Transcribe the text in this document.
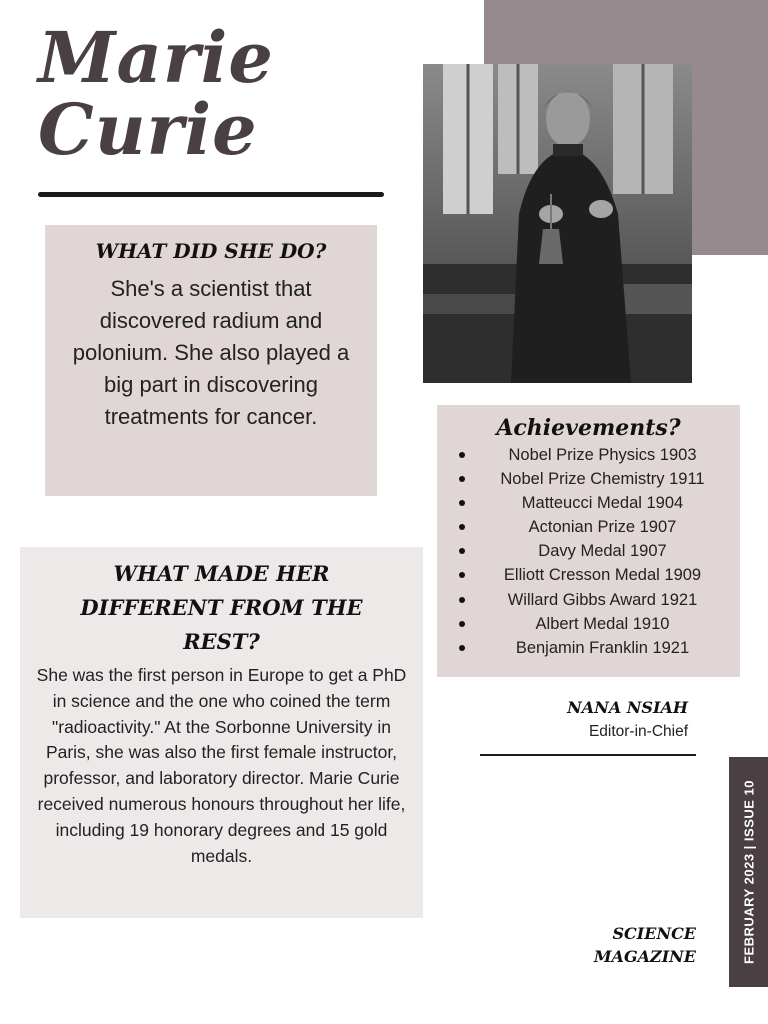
Marie
Curie
WHAT DID SHE DO?

She's a scientist that discovered radium and polonium. She also played a big part in discovering treatments for cancer.

WHAT MADE HER DIFFERENT FROM THE REST?

She was the first person in Europe to get a PhD in science and the one who coined the term "radioactivity." At the Sorbonne University in Paris, she was also the first female instructor, professor, and laboratory director. Marie Curie received numerous honours throughout her life, including 19 honorary degrees and 15 gold medals.

Achievements?
Nobel Prize Physics 1903
Nobel Prize Chemistry 1911
Matteucci Medal 1904
Actonian Prize 1907
Davy Medal 1907
Elliott Cresson Medal 1909
Willard Gibbs Award 1921
Albert Medal 1910
Benjamin Franklin 1921
NANA NSIAH
Editor-in-Chief
SCIENCE
MAGAZINE	FEBRUARY 2023 | ISSUE 10
